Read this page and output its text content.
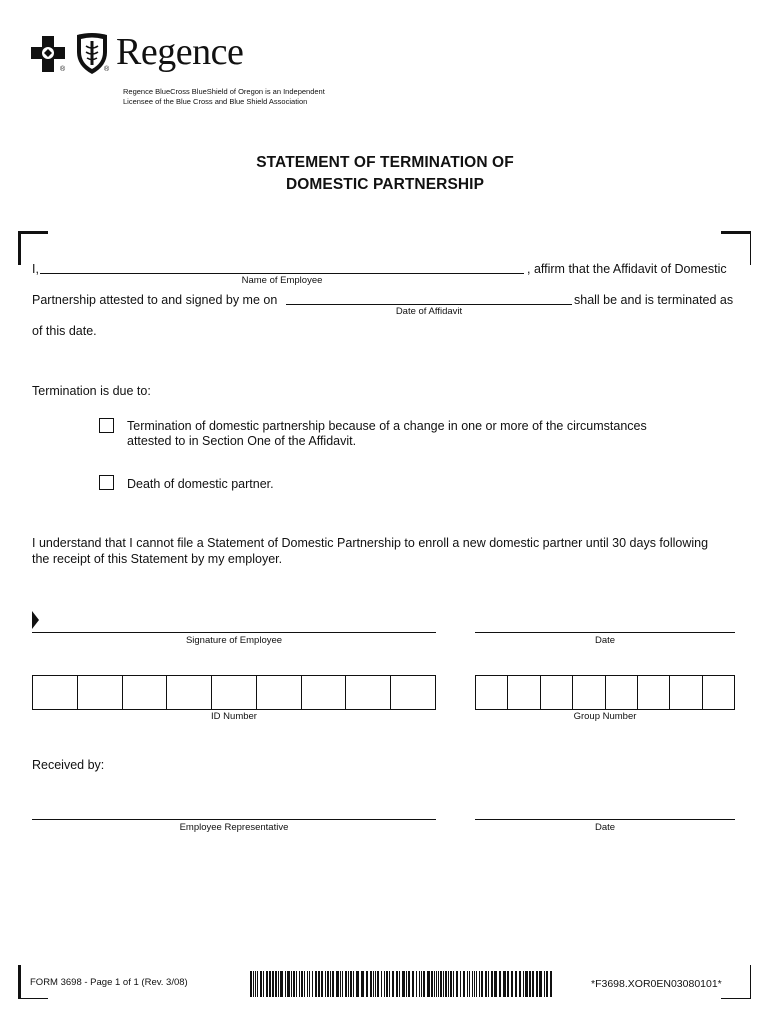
®	® Regence
Regence BlueCross BlueShield of Oregon is an Independent
Licensee of the Blue Cross and Blue Shield Association
STATEMENT OF TERMINATION OF
DOMESTIC PARTNERSHIP
I,	, affirm that the Affidavit of Domestic
Name of Employee
Partnership attested to and signed by me on	shall be and is terminated as
Date of Affidavit
of this date.
Termination is due to:
Termination of domestic partnership because of a change in one or more of the circumstances
attested to in Section One of the Affidavit.
Death of domestic partner.
I understand that I cannot file a Statement of Domestic Partnership to enroll a new domestic partner until 30 days following
the receipt of this Statement by my employer.
Signature of Employee	Date
ID Number	Group Number
Received by:
Employee Representative	Date
FORM 3698 - Page 1 of 1 (Rev. 3/08)	*F3698.XOR0EN03080101*
